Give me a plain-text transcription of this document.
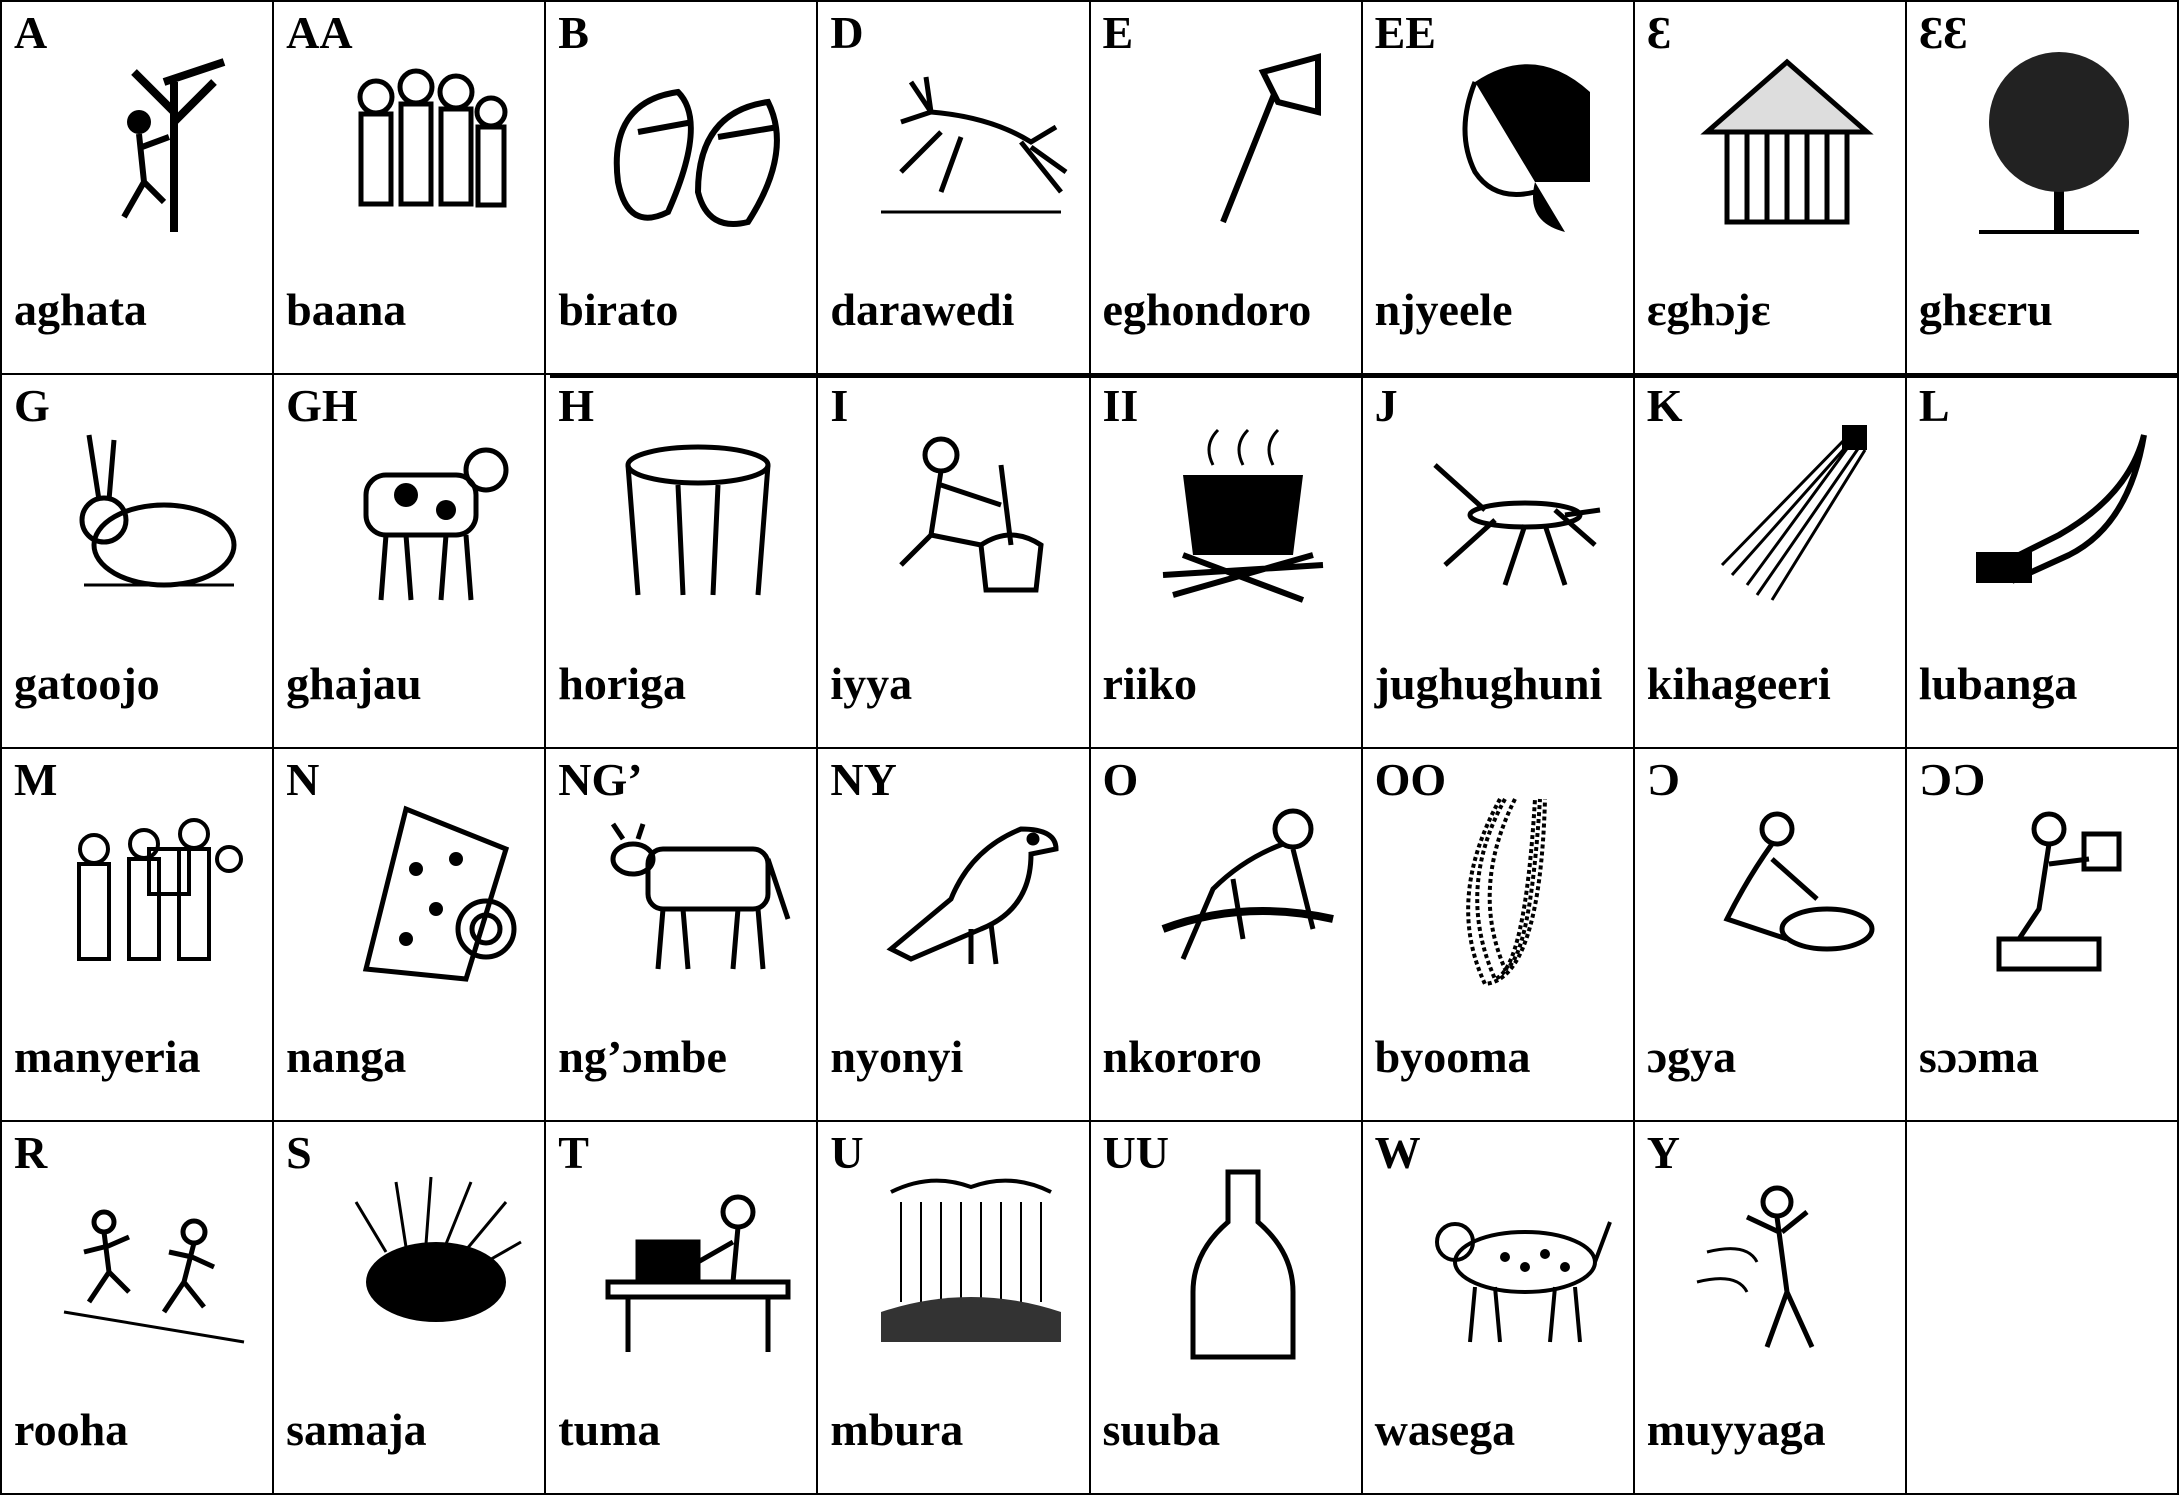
A
aghata
AA
baana
B
birato
D
darawedi
E
eghondoro
EE
njyeele
Ɛ
ɛghɔjɛ
ƐƐ
ghɛɛru
G
gatoojo
GH
ghajau
H
horiga
I
iyya
II
riiko
J
jughughuni
K
kihageeri
L
lubanga
M
manyeria
N
nanga
NG’
ng’ɔmbe
NY
nyonyi
O
nkororo
OO
byooma
Ɔ
ɔgya
ƆƆ
sɔɔma
R
rooha
S
samaja
T
tuma
U
mbura
UU
suuba
W
wasega
Y
muyyaga
